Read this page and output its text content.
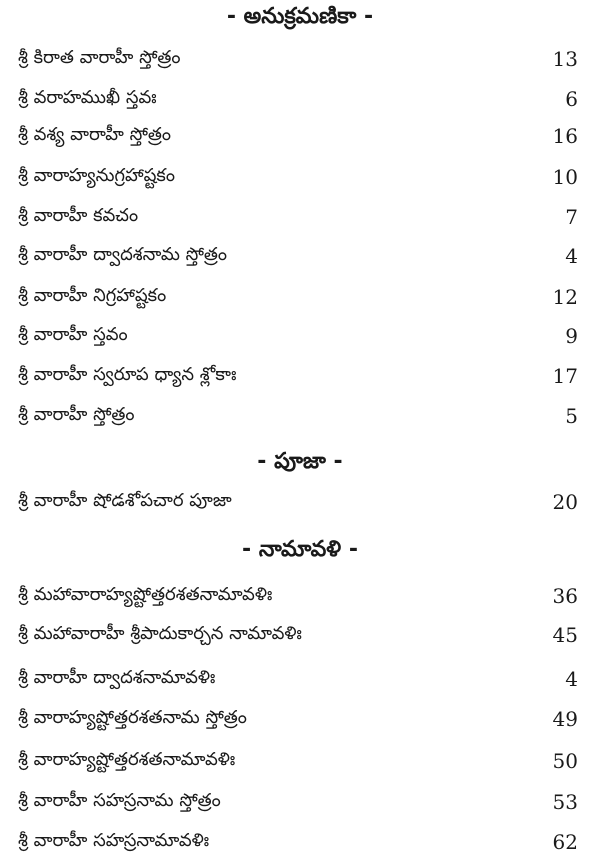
- అనుక్రమణికా -
శ్రీ కిరాత వారాహీ స్తోత్రం	13
శ్రీ వరాహముఖీ స్తవః	6
శ్రీ వశ్య వారాహీ స్తోత్రం	16
శ్రీ వారాహ్యనుగ్రహాష్టకం	10
శ్రీ వారాహీ కవచం	7
శ్రీ వారాహీ ద్వాదశనామ స్తోత్రం	4
శ్రీ వారాహీ నిగ్రహాష్టకం	12
శ్రీ వారాహీ స్తవం	9
శ్రీ వారాహీ స్వరూప ధ్యాన శ్లోకాః	17
శ్రీ వారాహీ స్తోత్రం	5
- పూజా -
శ్రీ వారాహీ షోడశోపచార పూజా	20
- నామావళి -
శ్రీ మహావారాహ్యష్టోత్తరశతనామావళిః	36
శ్రీ మహావారాహీ శ్రీపాదుకార్చన నామావళిః	45
శ్రీ వారాహీ ద్వాదశనామావళిః	4
శ్రీ వారాహ్యష్టోత్తరశతనామ స్తోత్రం	49
శ్రీ వారాహ్యష్టోత్తరశతనామావళిః	50
శ్రీ వారాహీ సహస్రనామ స్తోత్రం	53
శ్రీ వారాహీ సహస్రనామావళిః	62
